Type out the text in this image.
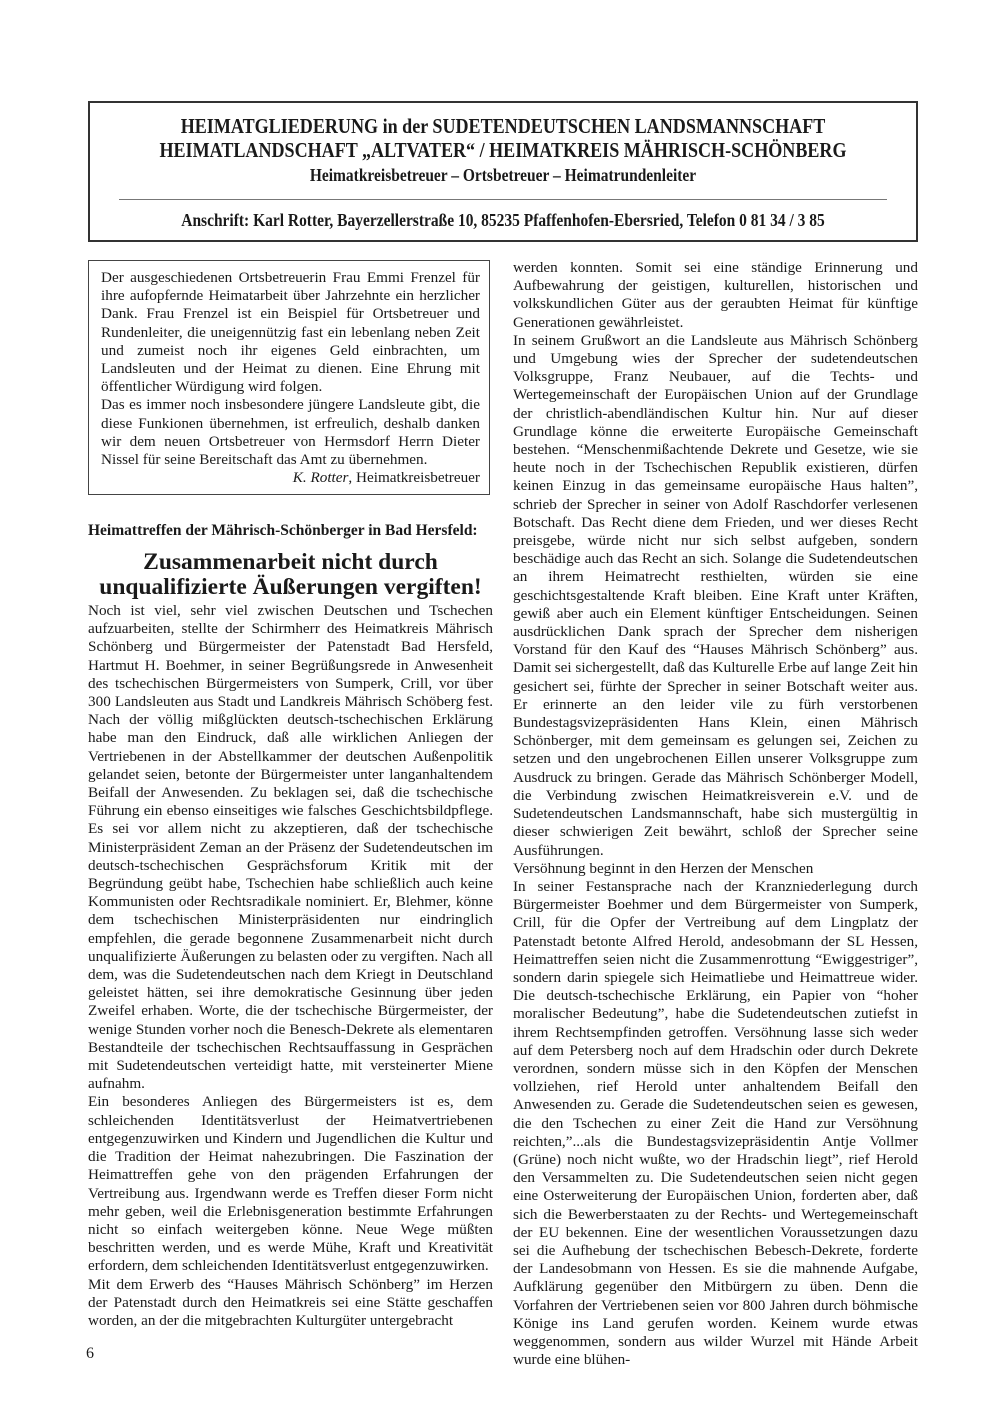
HEIMATGLIEDERUNG in der SUDETENDEUTSCHEN LANDSMANNSCHAFT
HEIMATLANDSCHAFT „ALTVATER“ / HEIMATKREIS MÄHRISCH-SCHÖNBERG
Heimatkreisbetreuer – Ortsbetreuer – Heimatrundenleiter
Anschrift: Karl Rotter, Bayerzellerstraße 10, 85235 Pfaffenhofen-Ebersried, Telefon 0 81 34 / 3 85

Der ausgeschiedenen Ortsbetreuerin Frau Emmi Frenzel für ihre aufopfernde Heimatarbeit über Jahrzehnte ein herzlicher Dank. Frau Frenzel ist ein Beispiel für Ortsbetreuer und Rundenleiter, die uneigennützig fast ein lebenlang neben Zeit und zumeist noch ihr eigenes Geld einbrachten, um Landsleuten und der Heimat zu dienen. Eine Ehrung mit öffentlicher Würdigung wird folgen.

Das es immer noch insbesondere jüngere Landsleute gibt, die diese Funkionen übernehmen, ist erfreulich, deshalb danken wir dem neuen Ortsbetreuer von Hermsdorf Herrn Dieter Nissel für seine Bereitschaft das Amt zu übernehmen.

K. Rotter, Heimatkreisbetreuer

Heimattreffen der Mährisch-Schönberger in Bad Hersfeld:
Zusammenarbeit nicht durch unqualifizierte Äußerungen vergiften!

Noch ist viel, sehr viel zwischen Deutschen und Tschechen aufzuarbeiten, stellte der Schirmherr des Heimatkreis Mährisch Schönberg und Bürgermeister der Patenstadt Bad Hersfeld, Hartmut H. Boehmer, in seiner Begrüßungsrede in Anwesenheit des tschechischen Bürgermeisters von Sumperk, Crill, vor über 300 Landsleuten aus Stadt und Landkreis Mährisch Schöberg fest. Nach der völlig mißglückten deutsch-tschechischen Erklärung habe man den Eindruck, daß alle wirklichen Anliegen der Vertriebenen in der Abstellkammer der deutschen Außenpolitik gelandet seien, betonte der Bürgermeister unter langanhaltendem Beifall der Anwesenden. Zu beklagen sei, daß die tschechische Führung ein ebenso einseitiges wie falsches Geschichtsbildpflege. Es sei vor allem nicht zu akzeptieren, daß der tschechische Ministerpräsident Zeman an der Präsenz der Sudetendeutschen im deutsch-tschechischen Gesprächsforum Kritik mit der Begründung geübt habe, Tschechien habe schließlich auch keine Kommunisten oder Rechtsradikale nominiert. Er, Blehmer, könne dem tschechischen Ministerpräsidenten nur eindringlich empfehlen, die gerade begonnene Zusammenarbeit nicht durch unqualifizierte Äußerungen zu belasten oder zu vergiften. Nach all dem, was die Sudetendeutschen nach dem Kriegt in Deutschland geleistet hätten, sei ihre demokratische Gesinnung über jeden Zweifel erhaben. Worte, die der tschechische Bürgermeister, der wenige Stunden vorher noch die Benesch-Dekrete als elementaren Bestandteile der tschechischen Rechtsauffassung in Gesprächen mit Sudetendeutschen verteidigt hatte, mit versteinerter Miene aufnahm.

Ein besonderes Anliegen des Bürgermeisters ist es, dem schleichenden Identitätsverlust der Heimatvertriebenen entgegenzuwirken und Kindern und Jugendlichen die Kultur und die Tradition der Heimat nahezubringen. Die Faszination der Heimattreffen gehe von den prägenden Erfahrungen der Vertreibung aus. Irgendwann werde es Treffen dieser Form nicht mehr geben, weil die Erlebnisgeneration bestimmte Erfahrungen nicht so einfach weitergeben könne. Neue Wege müßten beschritten werden, und es werde Mühe, Kraft und Kreativität erfordern, dem schleichenden Identitätsverlust entgegenzuwirken.

Mit dem Erwerb des “Hauses Mährisch Schönberg” im Herzen der Patenstadt durch den Heimatkreis sei eine Stätte geschaffen worden, an der die mitgebrachten Kulturgüter untergebracht

werden konnten. Somit sei eine ständige Erinnerung und Aufbewahrung der geistigen, kulturellen, historischen und volkskundlichen Güter aus der geraubten Heimat für künftige Generationen gewährleistet.

In seinem Grußwort an die Landsleute aus Mährisch Schönberg und Umgebung wies der Sprecher der sudetendeutschen Volksgruppe, Franz Neubauer, auf die Techts- und Wertegemeinschaft der Europäischen Union auf der Grundlage der christlich-abendländischen Kultur hin. Nur auf dieser Grundlage könne die erweiterte Europäische Gemeinschaft bestehen. “Menschenmißachtende Dekrete und Gesetze, wie sie heute noch in der Tschechischen Republik existieren, dürfen keinen Einzug in das gemeinsame europäische Haus halten”, schrieb der Sprecher in seiner von Adolf Raschdorfer verlesenen Botschaft. Das Recht diene dem Frieden, und wer dieses Recht preisgebe, würde nicht nur sich selbst aufgeben, sondern beschädige auch das Recht an sich. Solange die Sudetendeutschen an ihrem Heimatrecht resthielten, würden sie eine geschichtsgestaltende Kraft bleiben. Eine Kraft unter Kräften, gewiß aber auch ein Element künftiger Entscheidungen. Seinen ausdrücklichen Dank sprach der Sprecher dem nisherigen Vorstand für den Kauf des “Hauses Mährisch Schönberg” aus. Damit sei sichergestellt, daß das Kulturelle Erbe auf lange Zeit hin gesichert sei, fürhte der Sprecher in seiner Botschaft weiter aus. Er erinnerte an den leider vile zu fürh verstorbenen Bundestagsvizepräsidenten Hans Klein, einen Mährisch Schönberger, mit dem gemeinsam es gelungen sei, Zeichen zu setzen und den ungebrochenen Eillen unserer Volksgruppe zum Ausdruck zu bringen. Gerade das Mährisch Schönberger Modell, die Verbindung zwischen Heimatkreisverein e.V. und de Sudetendeutschen Landsmannschaft, habe sich mustergültig in dieser schwierigen Zeit bewährt, schloß der Sprecher seine Ausführungen.

Versöhnung beginnt in den Herzen der Menschen

In seiner Festansprache nach der Kranzniederlegung durch Bürgermeister Boehmer und dem Bürgermeister von Sumperk, Crill, für die Opfer der Vertreibung auf dem Lingplatz der Patenstadt betonte Alfred Herold, andesobmann der SL Hessen, Heimattreffen seien nicht die Zusammenrottung “Ewiggestriger”, sondern darin spiegele sich Heimatliebe und Heimattreue wider. Die deutsch-tschechische Erklärung, ein Papier von “hoher moralischer Bedeutung”, habe die Sudetendeutschen zutiefst in ihrem Rechtsempfinden getroffen. Versöhnung lasse sich weder auf dem Petersberg noch auf dem Hradschin oder durch Dekrete verordnen, sondern müsse sich in den Köpfen der Menschen vollziehen, rief Herold unter anhaltendem Beifall den Anwesenden zu. Gerade die Sudetendeutschen seien es gewesen, die den Tschechen zu einer Zeit die Hand zur Versöhnung reichten,”...als die Bundestagsvizepräsidentin Antje Vollmer (Grüne) noch nicht wußte, wo der Hradschin liegt”, rief Herold den Versammelten zu. Die Sudetendeutschen seien nicht gegen eine Osterweiterung der Europäischen Union, forderten aber, daß sich die Bewerberstaaten zu der Rechts- und Wertegemeinschaft der EU bekennen. Eine der wesentlichen Voraussetzungen dazu sei die Aufhebung der tschechischen Bebesch-Dekrete, forderte der Landesobmann von Hessen. Es sie die mahnende Aufgabe, Aufklärung gegenüber den Mitbürgern zu üben. Denn die Vorfahren der Vertriebenen seien vor 800 Jahren durch böhmische Könige ins Land gerufen worden. Keinem wurde etwas weggenommen, sondern aus wilder Wurzel mit Hände Arbeit wurde eine blühen-

6
